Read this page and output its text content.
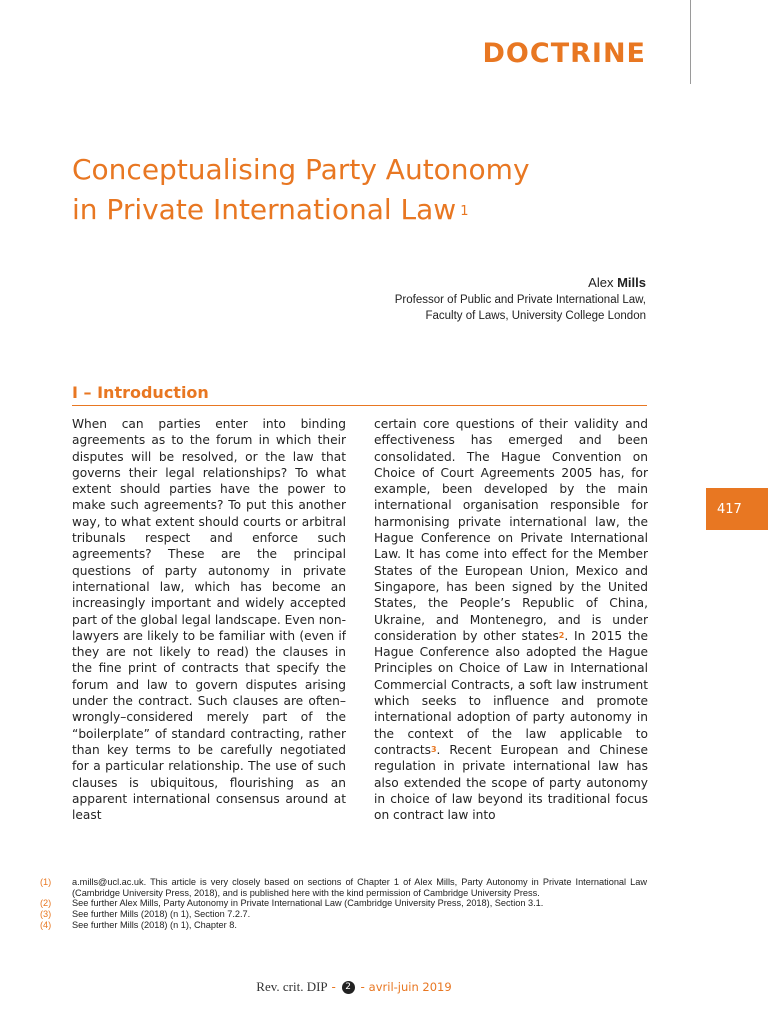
DOCTRINE
Conceptualising Party Autonomy
in Private International Law $^1$
Alex Mills
Professor of Public and Private International Law,
Faculty of Laws, University College London
I – Introduction
When can parties enter into binding agreements as to the forum in which their disputes will be resolved, or the law that governs their legal relationships? To what extent should parties have the power to make such agreements? To put this another way, to what extent should courts or arbitral tribunals respect and enforce such agreements? These are the principal questions of party autonomy in private international law, which has become an increasingly important and widely accepted part of the global legal landscape. Even non-lawyers are likely to be familiar with (even if they are not likely to read) the clauses in the fine print of contracts that specify the forum and law to govern disputes arising under the contract. Such clauses are often–wrongly–considered merely part of the “boilerplate” of standard contracting, rather than key terms to be carefully negotiated for a particular relationship. The use of such clauses is ubiquitous, flourishing as an apparent international consensus around at least
certain core questions of their validity and effectiveness has emerged and been consolidated. The Hague Convention on Choice of Court Agreements 2005 has, for example, been developed by the main international organisation responsible for harmonising private international law, the Hague Conference on Private International Law. It has come into effect for the Member States of the European Union, Mexico and Singapore, has been signed by the United States, the People’s Republic of China, Ukraine, and Montenegro, and is under consideration by other states$^2$. In 2015 the Hague Conference also adopted the Hague Principles on Choice of Law in International Commercial Contracts, a soft law instrument which seeks to influence and promote international adoption of party autonomy in the context of the law applicable to contracts$^3$. Recent European and Chinese regulation in private international law has also extended the scope of party autonomy in choice of law beyond its traditional focus on contract law into
417
(1)	a.mills@ucl.ac.uk. This article is very closely based on sections of Chapter 1 of Alex Mills, Party Autonomy in Private International Law (Cambridge University Press, 2018), and is published here with the kind permission of Cambridge University Press.
(2)	See further Alex Mills, Party Autonomy in Private International Law (Cambridge University Press, 2018), Section 3.1.
(3)	See further Mills (2018) (n 1), Section 7.2.7.
(4)	See further Mills (2018) (n 1), Chapter 8.
Rev. crit. DIP - 2 - avril-juin 2019
